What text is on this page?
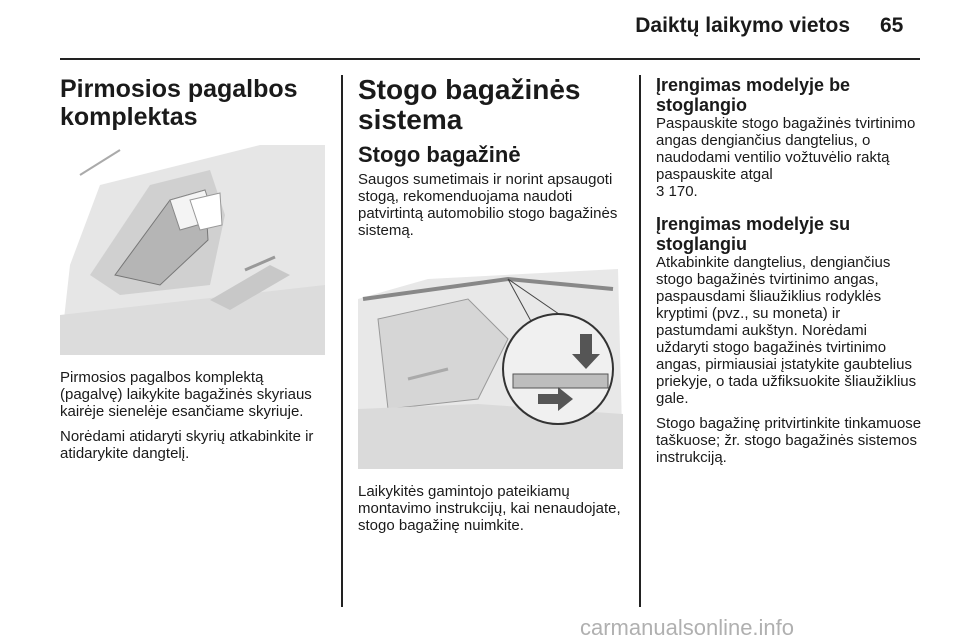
Daiktų laikymo vietos 65
Pirmosios pagalbos komplektas

Pirmosios pagalbos komplektą (pagalvę) laikykite bagažinės skyriaus kairėje sienelėje esančiame skyriuje.

Norėdami atidaryti skyrių atkabinkite ir atidarykite dangtelį.

Stogo bagažinės sistema
Stogo bagažinė

Saugos sumetimais ir norint apsaugoti stogą, rekomenduojama naudoti patvirtintą automobilio stogo bagažinės sistemą.

Laikykitės gamintojo pateikiamų montavimo instrukcijų, kai nenaudojate, stogo bagažinę nuimkite.

Įrengimas modelyje be stoglangio

Paspauskite stogo bagažinės tvirtinimo angas dengiančius dangtelius, o naudodami ventilio vožtuvėlio raktą paspauskite atgal
3 170.

Įrengimas modelyje su stoglangiu

Atkabinkite dangtelius, dengiančius stogo bagažinės tvirtinimo angas, paspausdami šliaužiklius rodyklės kryptimi (pvz., su moneta) ir pastumdami aukštyn. Norėdami uždaryti stogo bagažinės tvirtinimo angas, pirmiausiai įstatykite gaubtelius priekyje, o tada užfiksuokite šliaužiklius gale.

Stogo bagažinę pritvirtinkite tinkamuose taškuose; žr. stogo bagažinės sistemos instrukciją.

carmanualsonline.info
